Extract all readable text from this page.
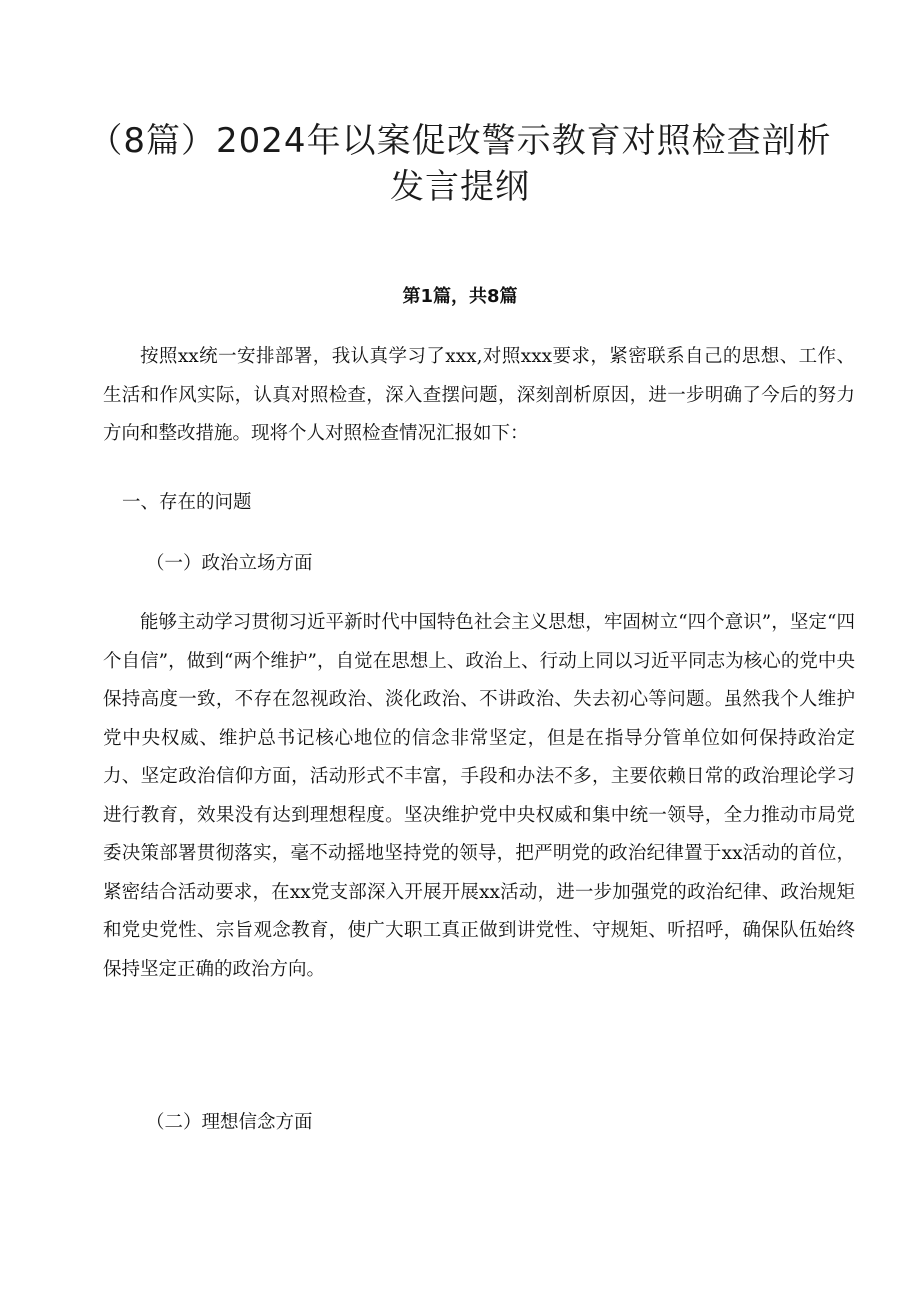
（8篇）2024年以案促改警示教育对照检查剖析发言提纲
第1篇，共8篇

按照xx统一安排部署，我认真学习了xxx,对照xxx要求，紧密联系自己的思想、工作、生活和作风实际，认真对照检查，深入查摆问题，深刻剖析原因，进一步明确了今后的努力方向和整改措施。现将个人对照检查情况汇报如下：

一、存在的问题
（一）政治立场方面

能够主动学习贯彻习近平新时代中国特色社会主义思想，牢固树立“四个意识”，坚定“四个自信”，做到“两个维护”，自觉在思想上、政治上、行动上同以习近平同志为核心的党中央保持高度一致，不存在忽视政治、淡化政治、不讲政治、失去初心等问题。虽然我个人维护党中央权威、维护总书记核心地位的信念非常坚定，但是在指导分管单位如何保持政治定力、坚定政治信仰方面，活动形式不丰富，手段和办法不多，主要依赖日常的政治理论学习进行教育，效果没有达到理想程度。坚决维护党中央权威和集中统一领导，全力推动市局党委决策部署贯彻落实，毫不动摇地坚持党的领导，把严明党的政治纪律置于xx活动的首位，紧密结合活动要求，在xx党支部深入开展开展xx活动，进一步加强党的政治纪律、政治规矩和党史党性、宗旨观念教育，使广大职工真正做到讲党性、守规矩、听招呼，确保队伍始终保持坚定正确的政治方向。

（二）理想信念方面
